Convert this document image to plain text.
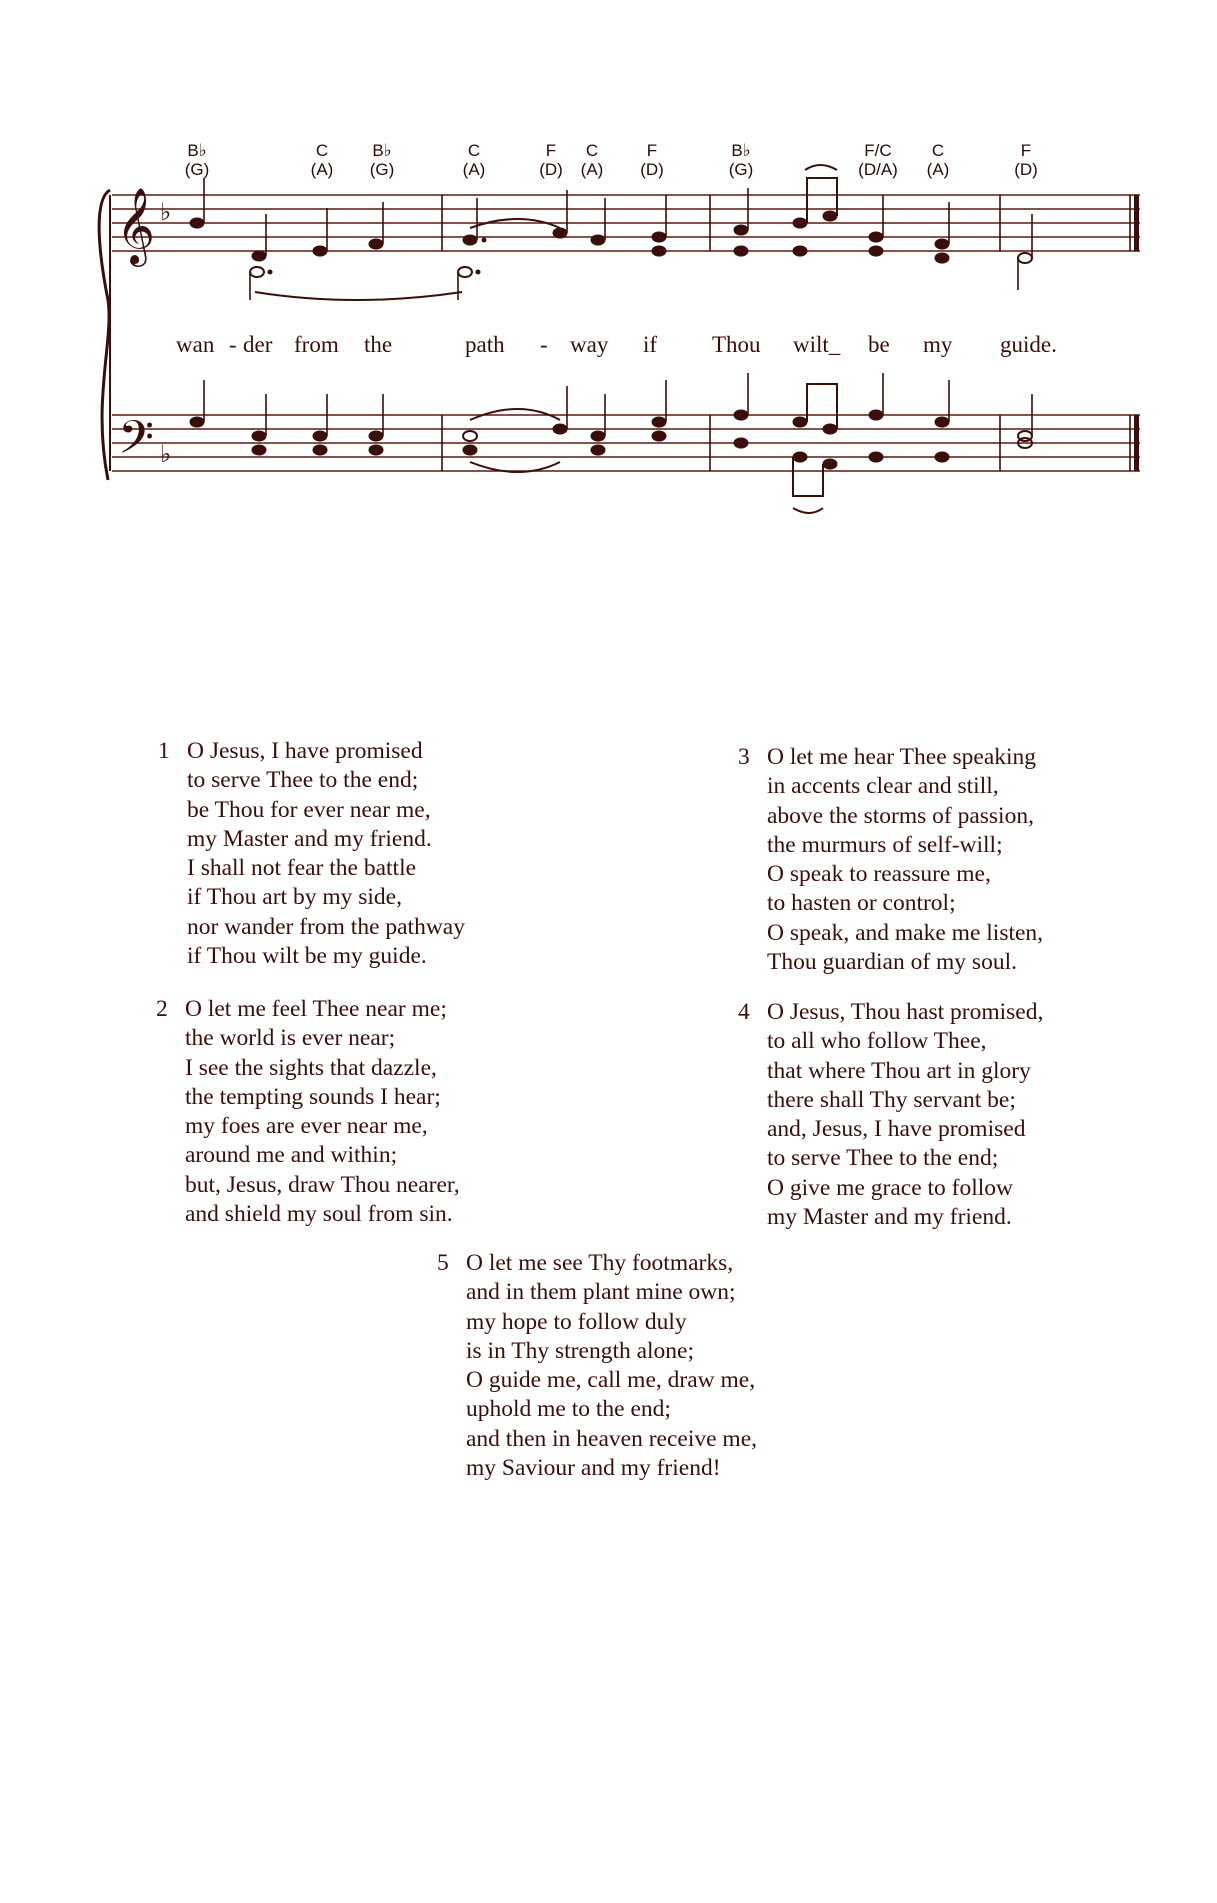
𝄞
𝄢
♭
♭
B♭
(G)
C
(A)
B♭
(G)
C
(A)
F
(D)
C
(A)
F
(D)
B♭
(G)
F/C
(D/A)
C
(A)
F
(D)
wan - der from the	path - way if Thou wilt_ be my guide.
1 O Jesus, I have promised
to serve Thee to the end;
be Thou for ever near me,
my Master and my friend.
I shall not fear the battle
if Thou art by my side,
nor wander from the pathway
if Thou wilt be my guide.
2 O let me feel Thee near me;
the world is ever near;
I see the sights that dazzle,
the tempting sounds I hear;
my foes are ever near me,
around me and within;
but, Jesus, draw Thou nearer,
and shield my soul from sin.
3 O let me hear Thee speaking
in accents clear and still,
above the storms of passion,
the murmurs of self-will;
O speak to reassure me,
to hasten or control;
O speak, and make me listen,
Thou guardian of my soul.
4 O Jesus, Thou hast promised,
to all who follow Thee,
that where Thou art in glory
there shall Thy servant be;
and, Jesus, I have promised
to serve Thee to the end;
O give me grace to follow
my Master and my friend.
5 O let me see Thy footmarks,
and in them plant mine own;
my hope to follow duly
is in Thy strength alone;
O guide me, call me, draw me,
uphold me to the end;
and then in heaven receive me,
my Saviour and my friend!
